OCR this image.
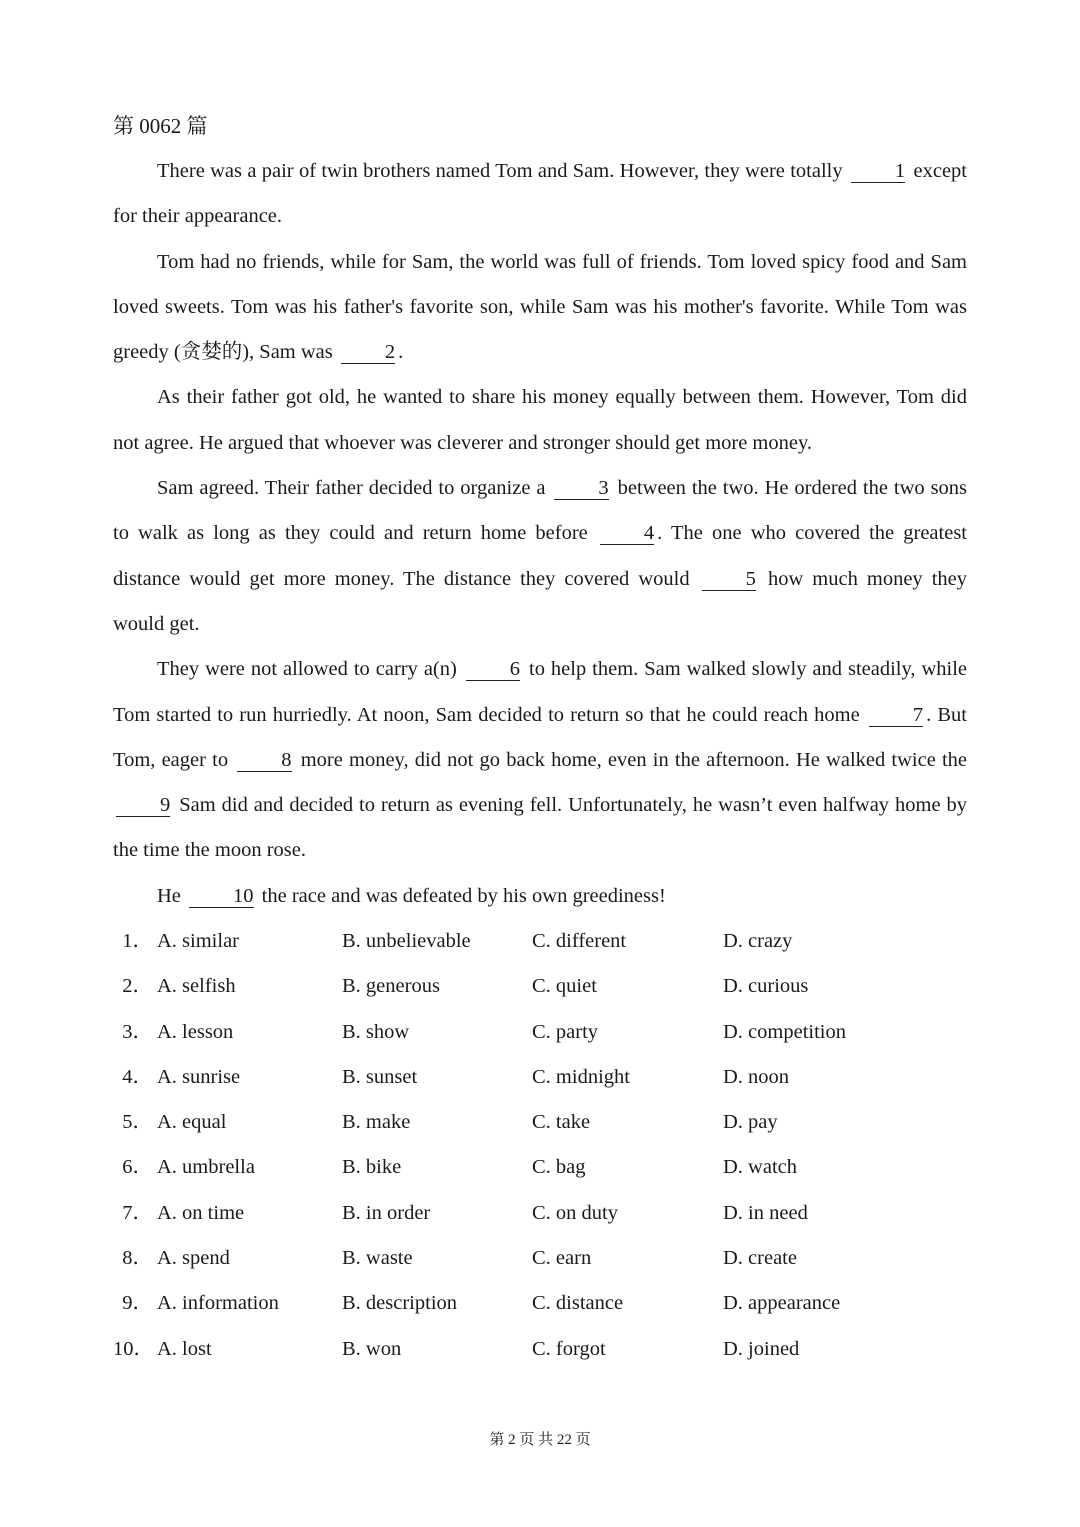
第 0062 篇

There was a pair of twin brothers named Tom and Sam. However, they were totally	1 except for their appearance.

Tom had no friends, while for Sam, the world was full of friends. Tom loved spicy food and Sam loved sweets. Tom was his father's favorite son, while Sam was his mother's favorite. While Tom was greedy (贪婪的), Sam was	2 .

As their father got old, he wanted to share his money equally between them. However, Tom did not agree. He argued that whoever was cleverer and stronger should get more money.

Sam agreed. Their father decided to organize a	3 between the two. He ordered the two sons to walk as long as they could and return home before	4 . The one who covered the greatest distance would get more money. The distance they covered would	5 how much money they would get.

They were not allowed to carry a(n)	6 to help them. Sam walked slowly and steadily, while Tom started to run hurriedly. At noon, Sam decided to return so that he could reach home	7 . But Tom, eager to	8 more money, did not go back home, even in the afternoon. He walked twice the 9 Sam did and decided to return as evening fell. Unfortunately, he wasn’t even halfway home by the time the moon rose.

He	10 the race and was defeated by his own greediness!

1． A. similar	B. unbelievable	C. different	D. crazy
2． A. selfish	B. generous	C. quiet	D. curious
3． A. lesson	B. show	C. party	D. competition
4． A. sunrise	B. sunset	C. midnight	D. noon
5． A. equal	B. make	C. take	D. pay
6． A. umbrella	B. bike	C. bag	D. watch
7． A. on time	B. in order	C. on duty	D. in need
8． A. spend	B. waste	C. earn	D. create
9． A. information	B. description	C. distance	D. appearance
10． A. lost	B. won	C. forgot	D. joined
第 2 页 共 22 页
